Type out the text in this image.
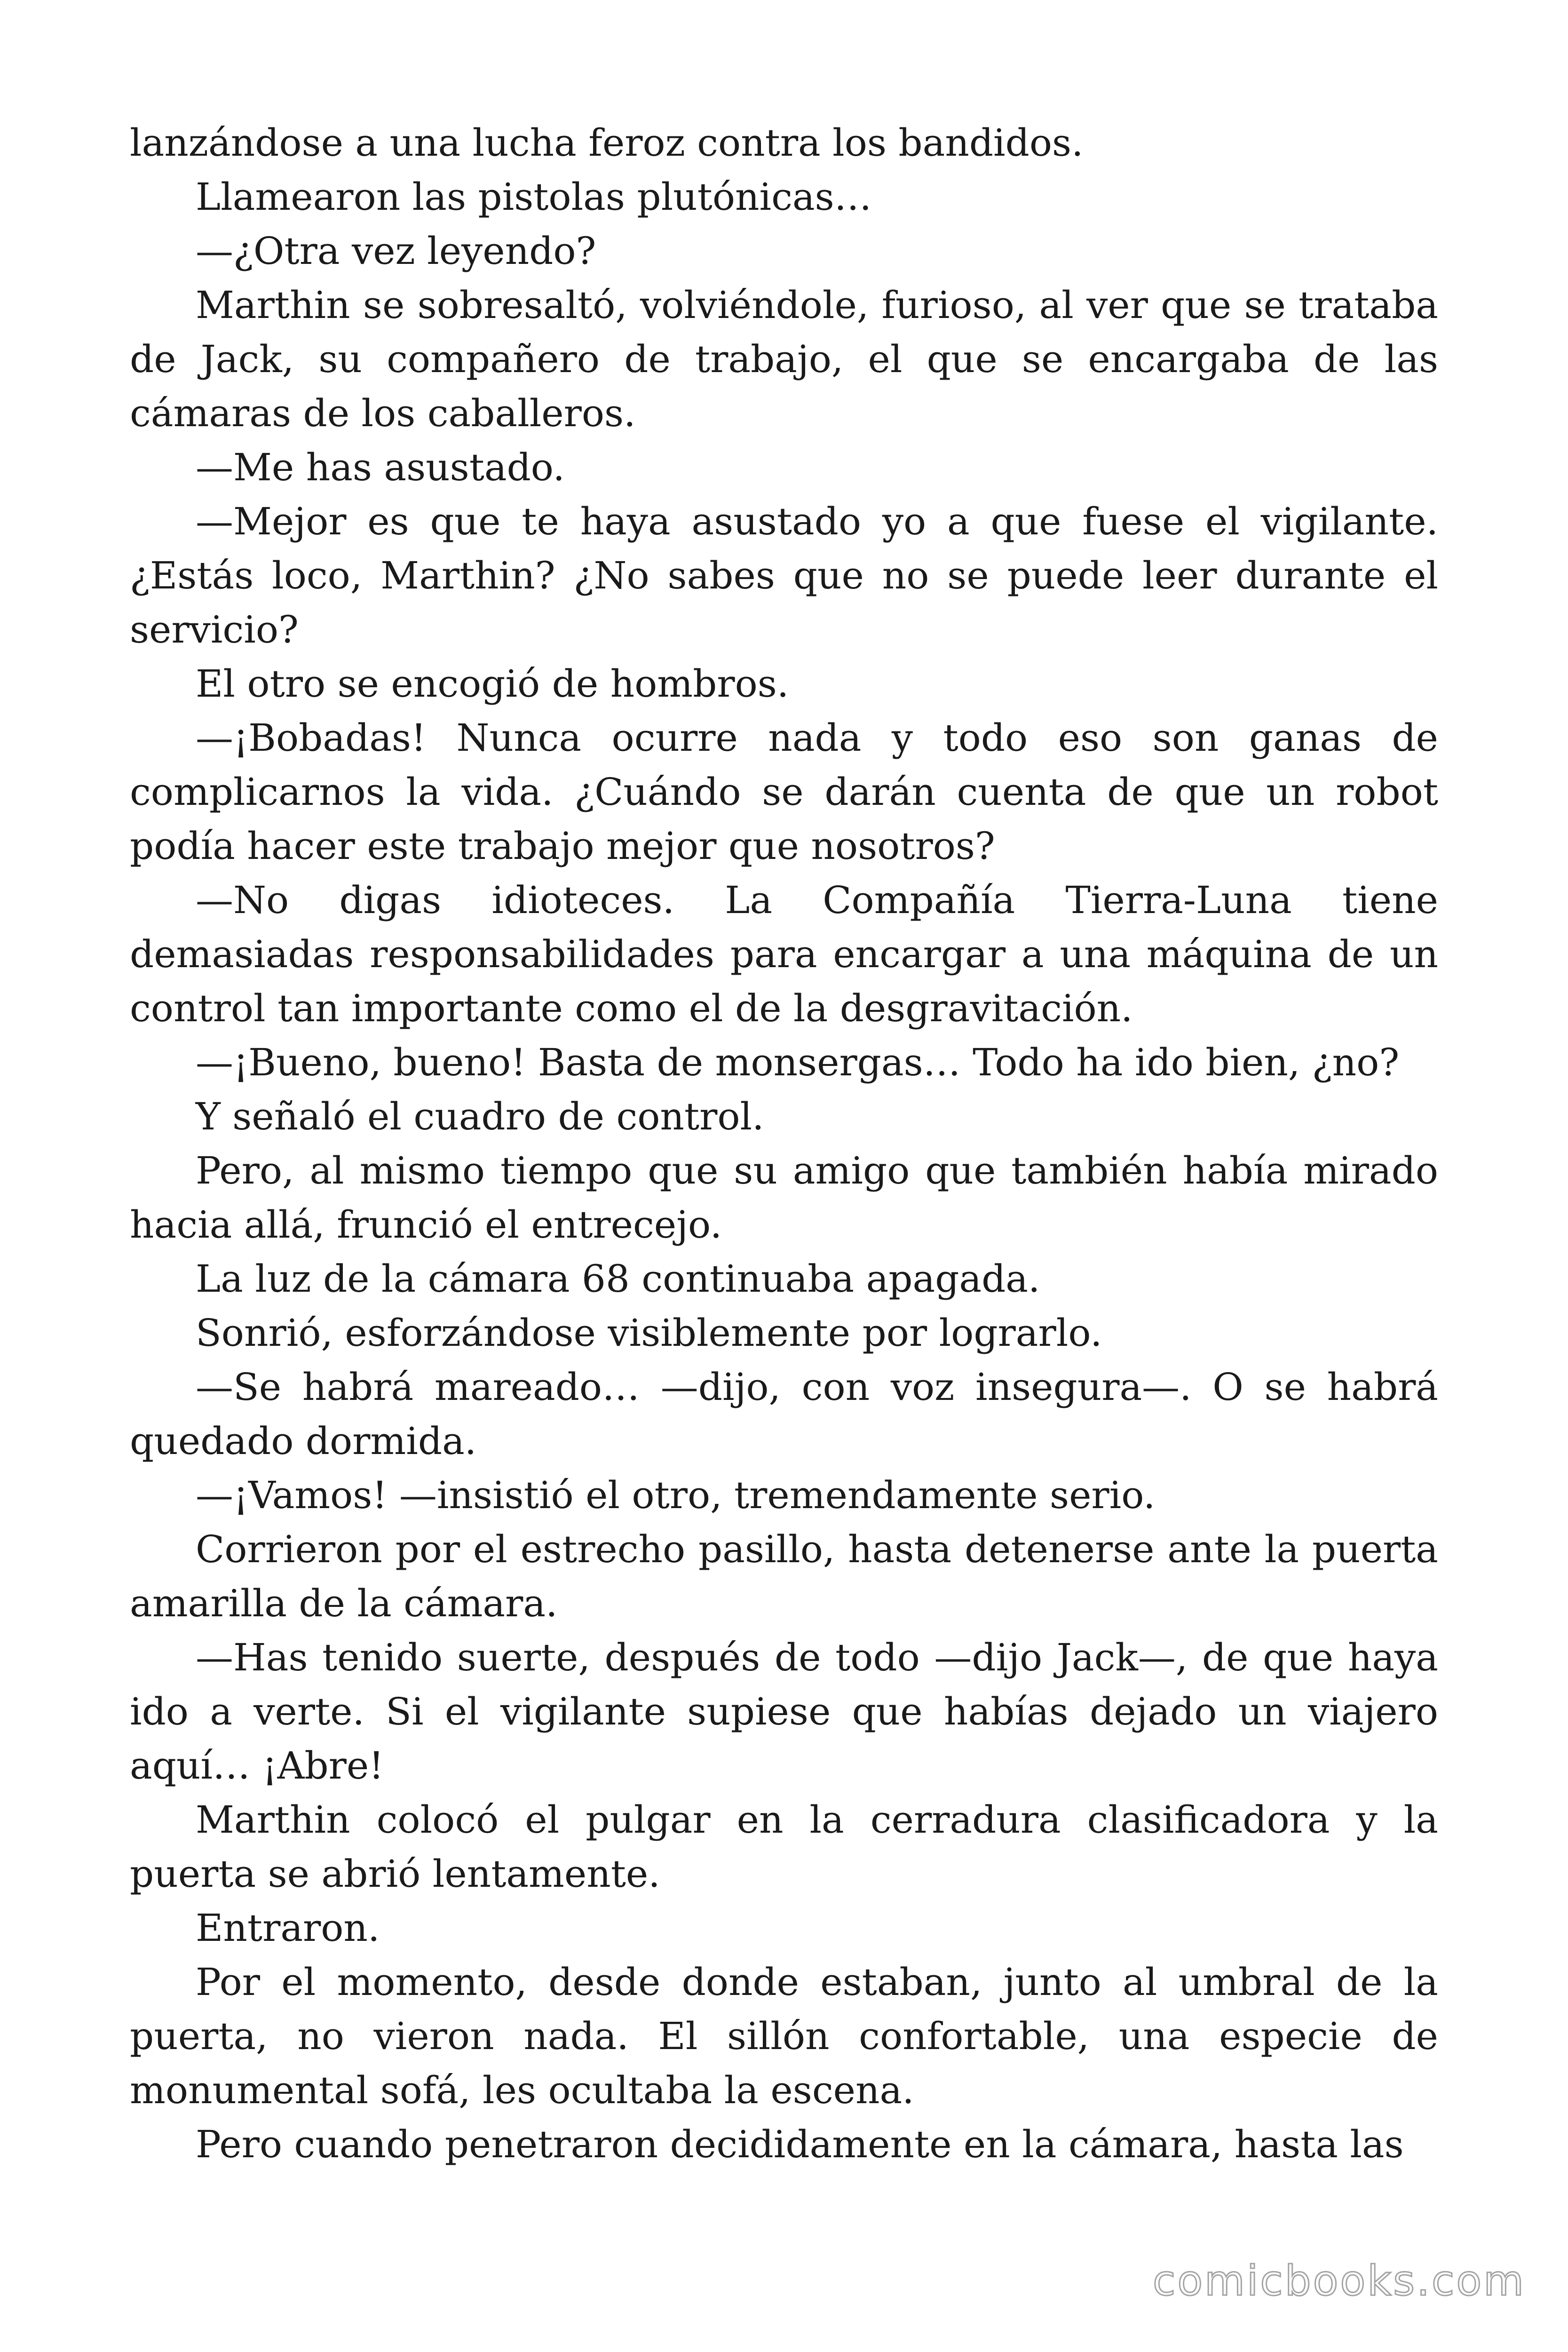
lanzándose a una lucha feroz contra los bandidos.

Llamearon las pistolas plutónicas…

—¿Otra vez leyendo?

Marthin se sobresaltó, volviéndole, furioso, al ver que se trataba de Jack, su compañero de trabajo, el que se encargaba de las cámaras de los caballeros.

—Me has asustado.

—Mejor es que te haya asustado yo a que fuese el vigilante. ¿Estás loco, Marthin? ¿No sabes que no se puede leer durante el servicio?

El otro se encogió de hombros.

—¡Bobadas! Nunca ocurre nada y todo eso son ganas de complicarnos la vida. ¿Cuándo se darán cuenta de que un robot podía hacer este trabajo mejor que nosotros?

—No digas idioteces. La Compañía Tierra-Luna tiene demasiadas responsabilidades para encargar a una máquina de un control tan importante como el de la desgravitación.

—¡Bueno, bueno! Basta de monsergas… Todo ha ido bien, ¿no?

Y señaló el cuadro de control.

Pero, al mismo tiempo que su amigo que también había mirado hacia allá, frunció el entrecejo.

La luz de la cámara 68 continuaba apagada.

Sonrió, esforzándose visiblemente por lograrlo.

—Se habrá mareado… —dijo, con voz insegura—. O se habrá quedado dormida.

—¡Vamos! —insistió el otro, tremendamente serio.

Corrieron por el estrecho pasillo, hasta detenerse ante la puerta amarilla de la cámara.

—Has tenido suerte, después de todo —dijo Jack—, de que haya ido a verte. Si el vigilante supiese que habías dejado un viajero aquí… ¡Abre!

Marthin colocó el pulgar en la cerradura clasificadora y la puerta se abrió lentamente.

Entraron.

Por el momento, desde donde estaban, junto al umbral de la puerta, no vieron nada. El sillón confortable, una especie de monumental sofá, les ocultaba la escena.

Pero cuando penetraron decididamente en la cámara, hasta las

comicbooks.com
